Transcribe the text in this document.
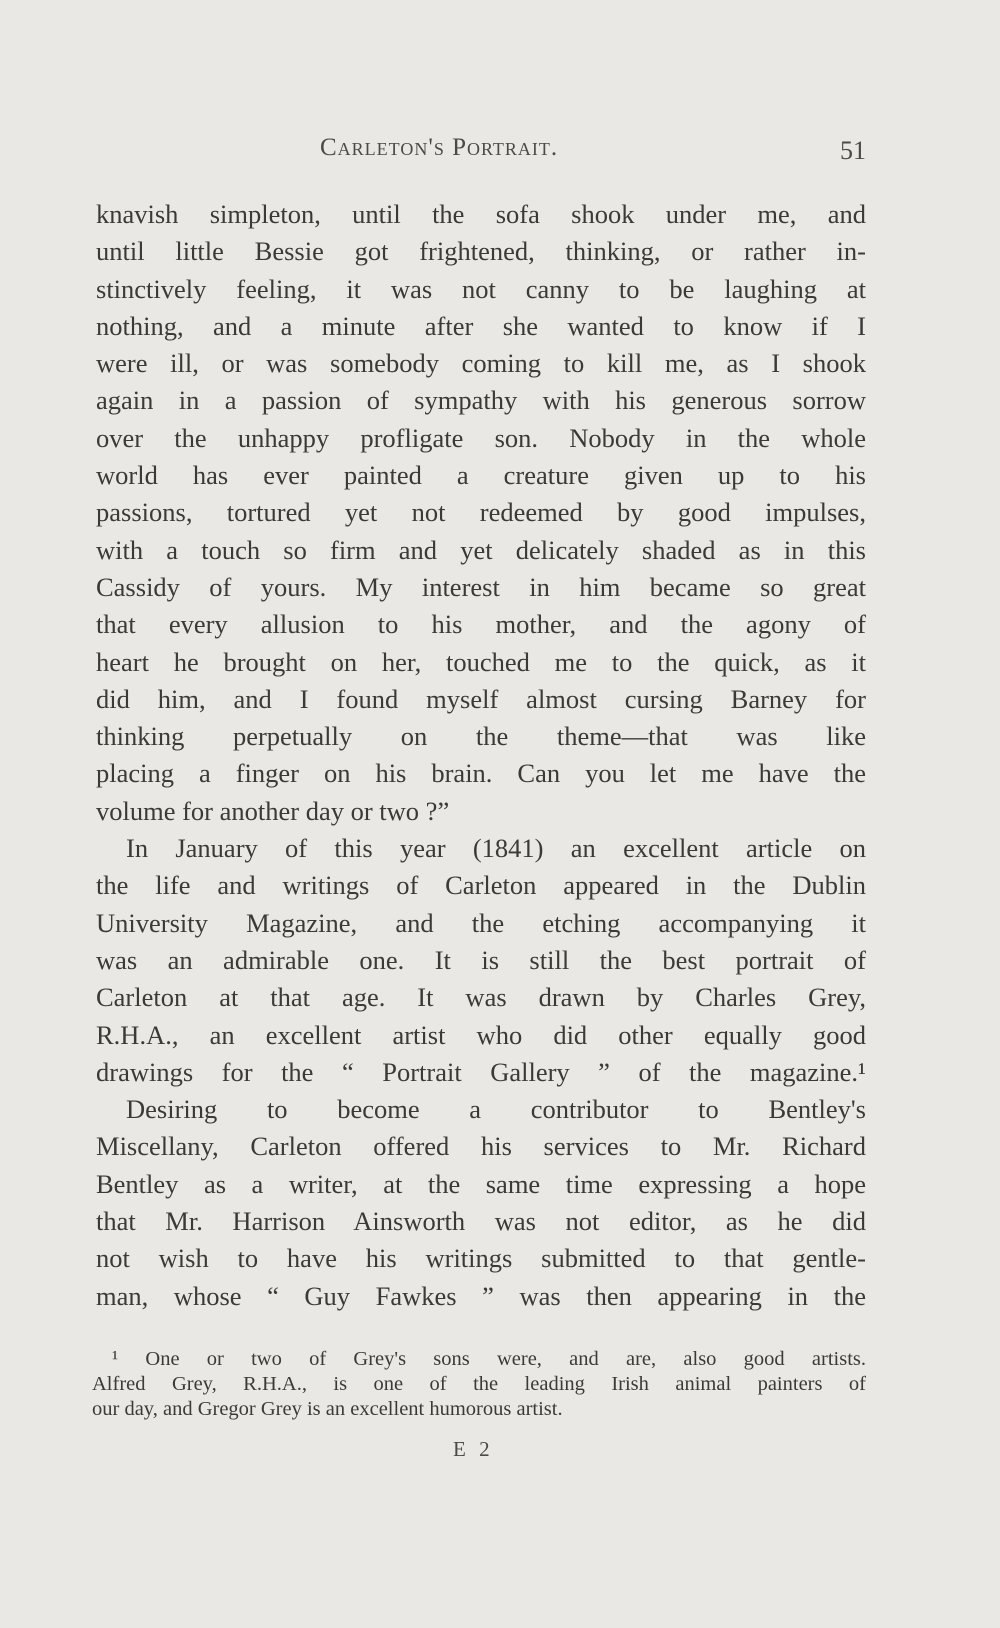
Carleton's Portrait.	51
knavish simpleton, until the sofa shook under me, and
until little Bessie got frightened, thinking, or rather in-
stinctively feeling, it was not canny to be laughing at
nothing, and a minute after she wanted to know if I
were ill, or was somebody coming to kill me, as I shook
again in a passion of sympathy with his generous sorrow
over the unhappy profligate son. Nobody in the whole
world has ever painted a creature given up to his
passions, tortured yet not redeemed by good impulses,
with a touch so firm and yet delicately shaded as in this
Cassidy of yours. My interest in him became so great
that every allusion to his mother, and the agony of
heart he brought on her, touched me to the quick, as it
did him, and I found myself almost cursing Barney for
thinking perpetually on the theme—that was like
placing a finger on his brain. Can you let me have the
volume for another day or two ?”
In January of this year (1841) an excellent article on
the life and writings of Carleton appeared in the Dublin
University Magazine, and the etching accompanying it
was an admirable one. It is still the best portrait of
Carleton at that age. It was drawn by Charles Grey,
R.H.A., an excellent artist who did other equally good
drawings for the “ Portrait Gallery ” of the magazine.¹
Desiring to become a contributor to Bentley's
Miscellany, Carleton offered his services to Mr. Richard
Bentley as a writer, at the same time expressing a hope
that Mr. Harrison Ainsworth was not editor, as he did
not wish to have his writings submitted to that gentle-
man, whose “ Guy Fawkes ” was then appearing in the
¹ One or two of Grey's sons were, and are, also good artists.
Alfred Grey, R.H.A., is one of the leading Irish animal painters of
our day, and Gregor Grey is an excellent humorous artist.
E 2
